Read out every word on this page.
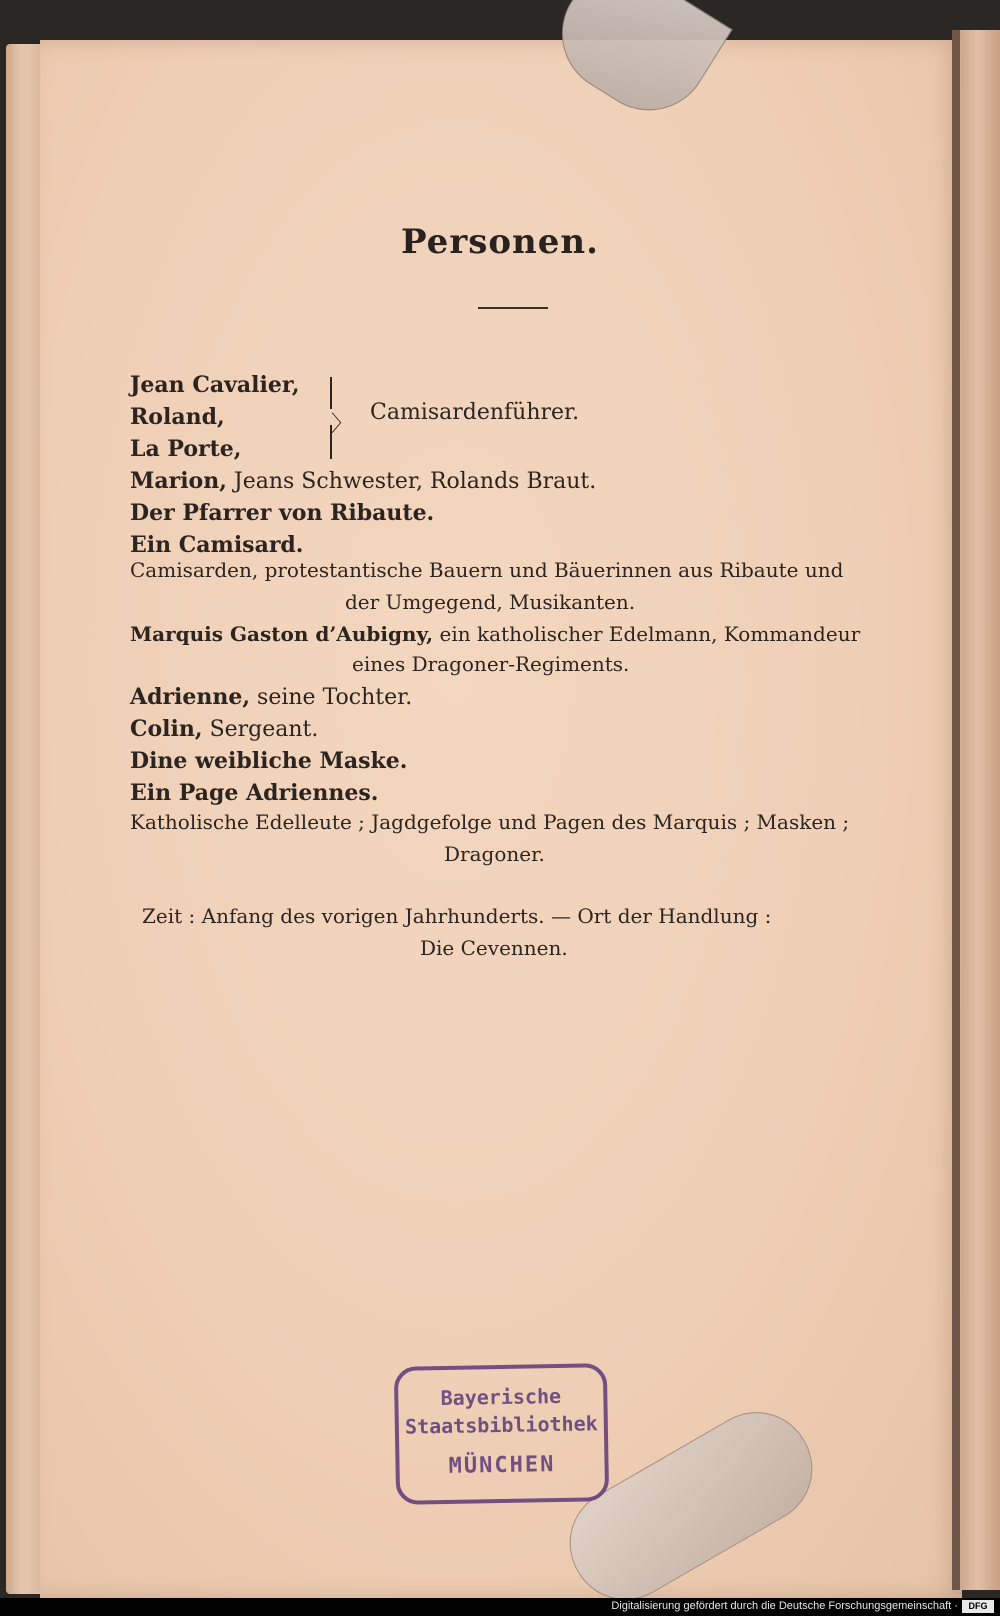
Personen.
Jean Cavalier,
Roland,
La Porte,
〉 Camisardenführer.
Marion, Jeans Schwester, Rolands Braut.
Der Pfarrer von Ribaute.
Ein Camisard.
Camisarden, protestantische Bauern und Bäuerinnen aus Ribaute und
der Umgegend, Musikanten.
Marquis Gaston d’Aubigny, ein katholischer Edelmann, Kommandeur
eines Dragoner-Regiments.
Adrienne, seine Tochter.
Colin, Sergeant.
Dine weibliche Maske.
Ein Page Adriennes.
Katholische Edelleute ; Jagdgefolge und Pagen des Marquis ; Masken ;
Dragoner.
Zeit : Anfang des vorigen Jahrhunderts. — Ort der Handlung :
Die Cevennen.
Bayerische
Staatsbibliothek
MÜNCHEN
Digitalisierung gefördert durch die Deutsche Forschungsgemeinschaft ·	DFG
